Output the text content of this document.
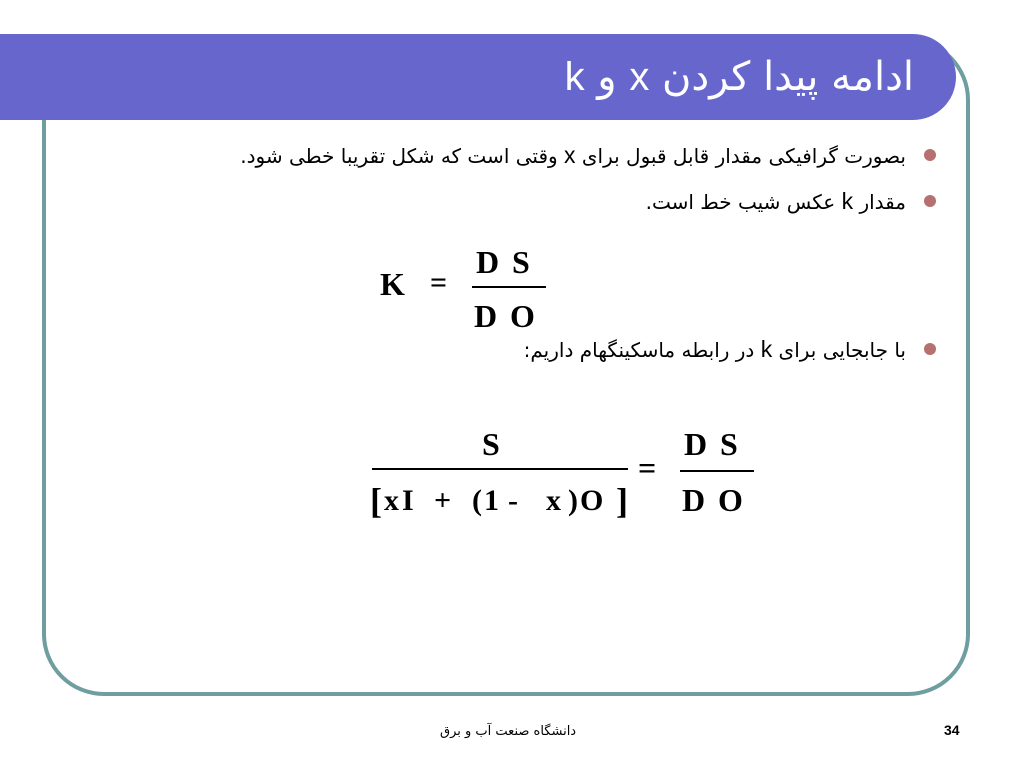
ادامه پیدا کردن x و k
بصورت گرافیکی مقدار قابل قبول برای x وقتی است که شکل تقریبا خطی شود.
مقدار k عکس شیب خط است.
با جابجایی برای k در رابطه ماسکینگهام داریم:
K =
D S
D O
S
[ x I + ( 1 - x ) O ]
=
D S
D O
دانشگاه صنعت آب و برق	34
